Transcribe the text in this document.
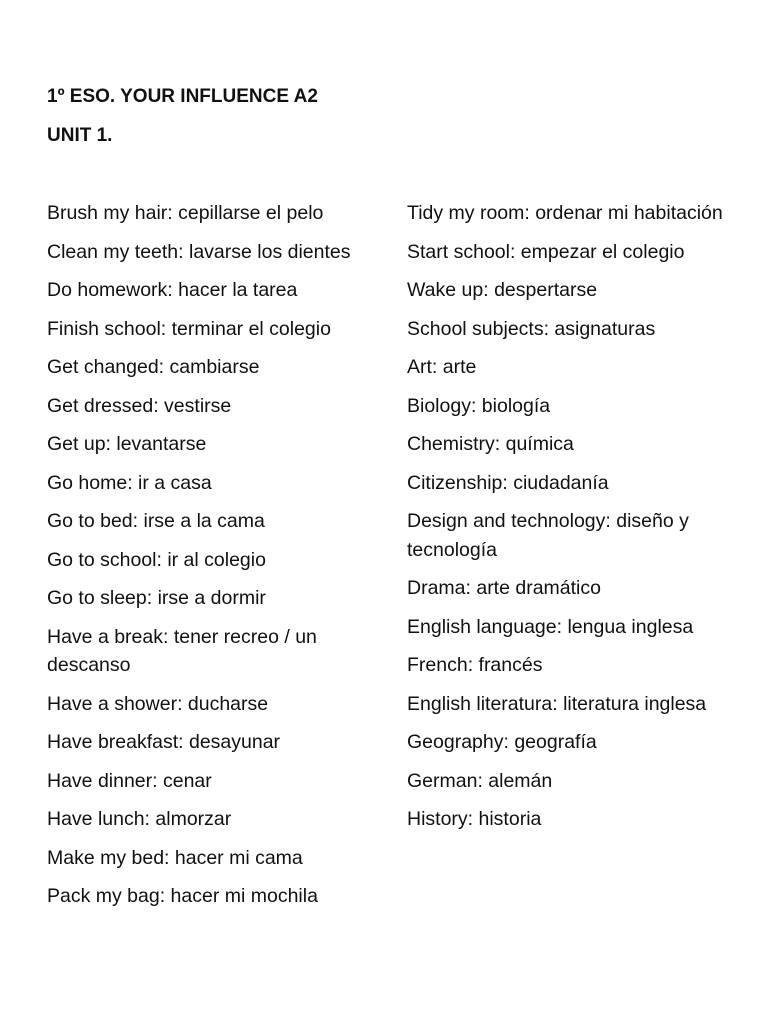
1º ESO. YOUR INFLUENCE A2
UNIT 1.
Brush my hair: cepillarse el pelo
Clean my teeth: lavarse los dientes
Do homework: hacer la tarea
Finish school: terminar el colegio
Get changed: cambiarse
Get dressed: vestirse
Get up: levantarse
Go home: ir a casa
Go to bed: irse a la cama
Go to school: ir al colegio
Go to sleep: irse a dormir
Have a break: tener recreo / un descanso
Have a shower: ducharse
Have breakfast: desayunar
Have dinner: cenar
Have lunch: almorzar
Make my bed: hacer mi cama
Pack my bag: hacer mi mochila
Tidy my room: ordenar mi habitación
Start school: empezar el colegio
Wake up: despertarse
School subjects: asignaturas
Art: arte
Biology: biología
Chemistry: química
Citizenship: ciudadanía
Design and technology: diseño y tecnología
Drama: arte dramático
English language: lengua inglesa
French: francés
English literatura: literatura inglesa
Geography: geografía
German: alemán
History: historia
